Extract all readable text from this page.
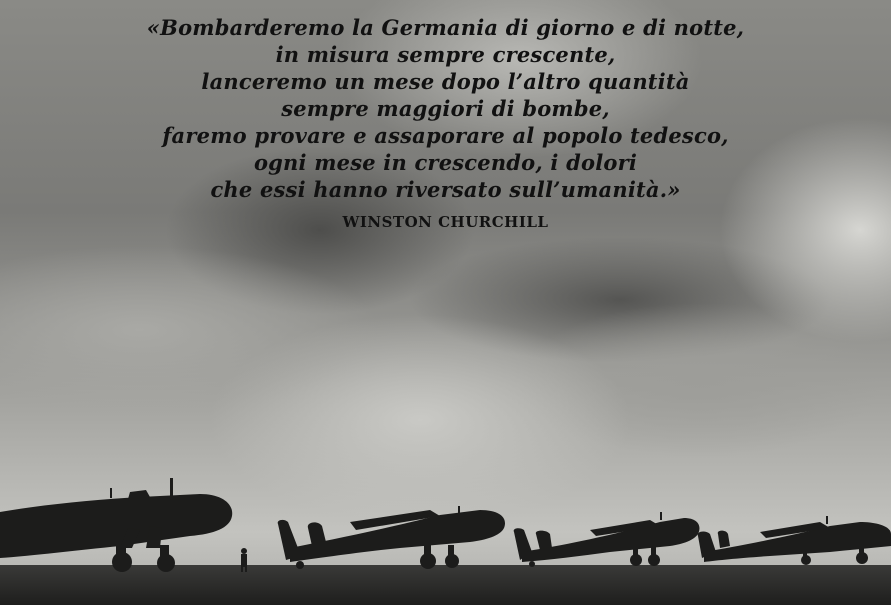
«Bombarderemo la Germania di giorno e di notte,
in misura sempre crescente,
lanceremo un mese dopo l’altro quantità
sempre maggiori di bombe,
faremo provare e assaporare al popolo tedesco,
ogni mese in crescendo, i dolori
che essi hanno riversato sull’umanità.»
WINSTON CHURCHILL
